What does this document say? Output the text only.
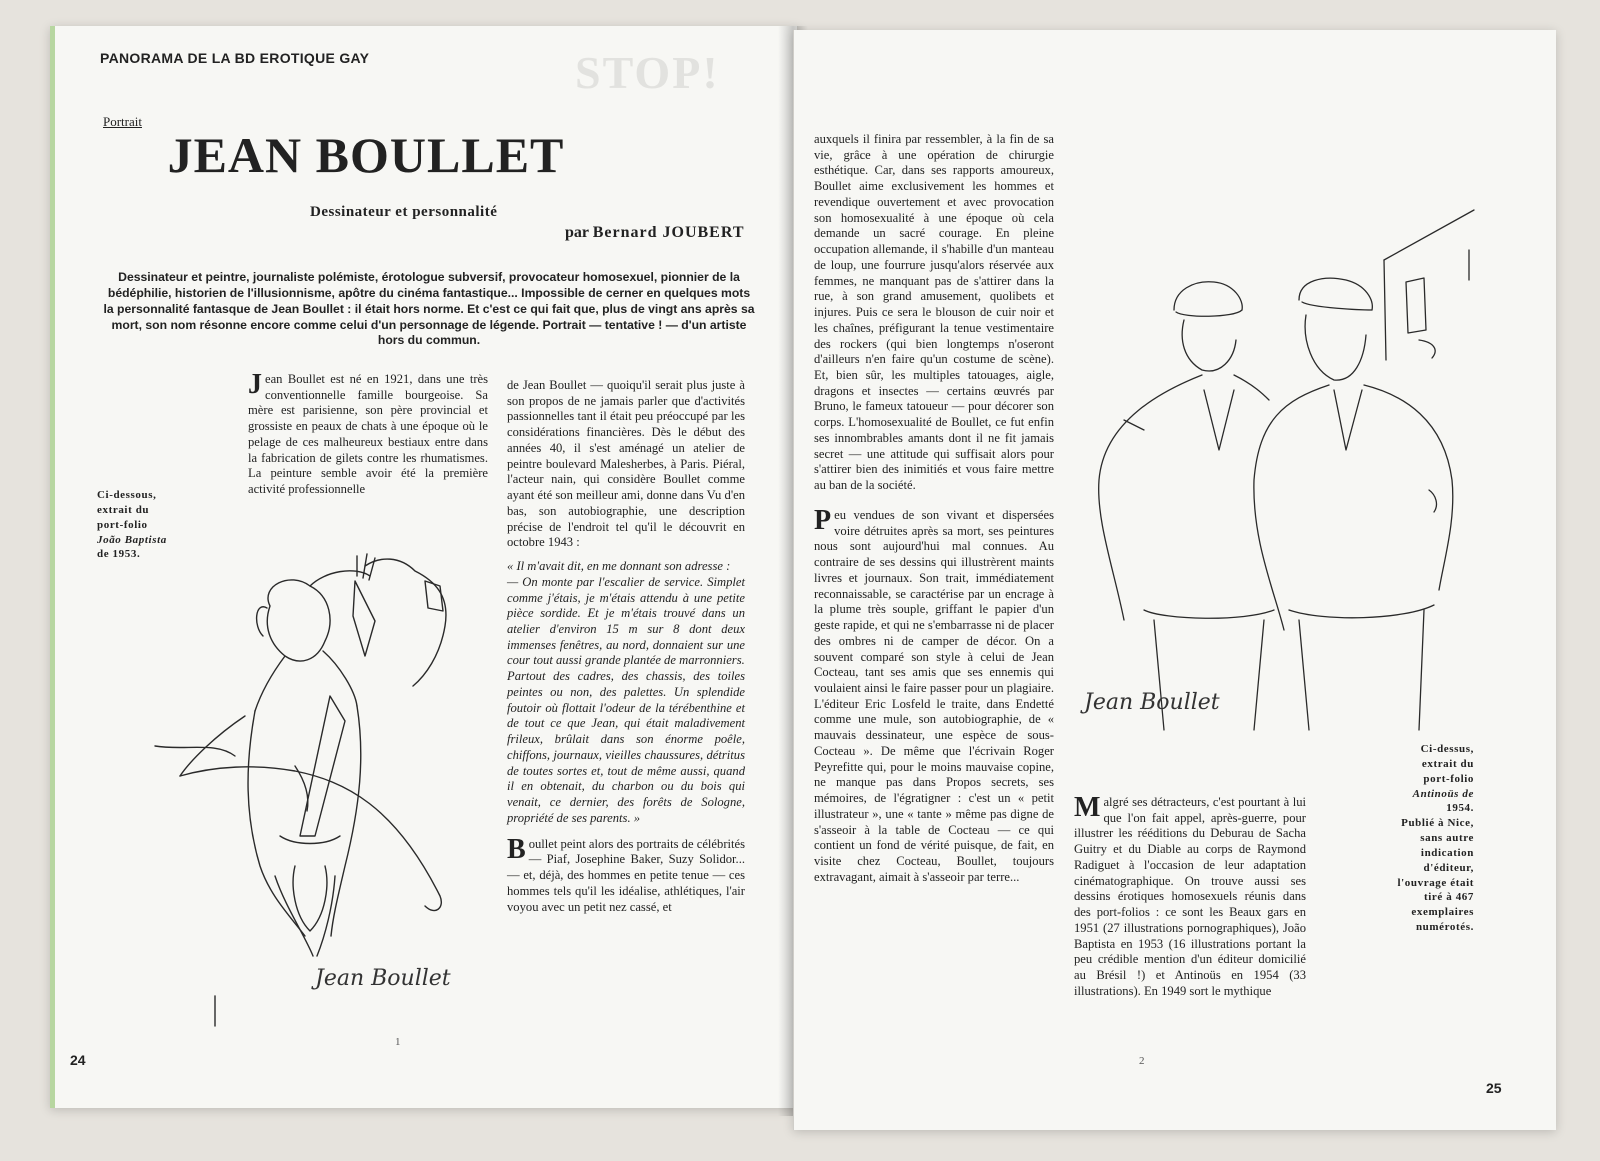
STOP!
PANORAMA DE LA BD EROTIQUE GAY
Portrait
JEAN BOULLET
Dessinateur et personnalité
par Bernard JOUBERT
Dessinateur et peintre, journaliste polémiste, érotologue subversif, provocateur homosexuel, pionnier de la bédéphilie, historien de l'illusionnisme, apôtre du cinéma fantastique... Impossible de cerner en quelques mots la personnalité fantasque de Jean Boullet : il était hors norme. Et c'est ce qui fait que, plus de vingt ans après sa mort, son nom résonne encore comme celui d'un personnage de légende. Portrait — tentative ! — d'un artiste hors du commun.
Ci-dessous,
extrait du
port-folio
João Baptista
de 1953.

Jean Boullet est né en 1921, dans une très conventionnelle famille bourgeoise. Sa mère est parisienne, son père provincial et grossiste en peaux de chats à une époque où le pelage de ces malheureux bestiaux entre dans la fabrication de gilets contre les rhumatismes. La peinture semble avoir été la première activité professionnelle

de Jean Boullet — quoiqu'il serait plus juste à son propos de ne jamais parler que d'activités passionnelles tant il était peu préoccupé par les considérations financières. Dès le début des années 40, il s'est aménagé un atelier de peintre boulevard Malesherbes, à Paris. Piéral, l'acteur nain, qui considère Boullet comme ayant été son meilleur ami, donne dans Vu d'en bas, son autobiographie, une description précise de l'endroit tel qu'il le découvrit en octobre 1943 :

« Il m'avait dit, en me donnant son adresse :

— On monte par l'escalier de service. Simplet comme j'étais, je m'étais attendu à une petite pièce sordide. Et je m'étais trouvé dans un atelier d'environ 15 m sur 8 dont deux immenses fenêtres, au nord, donnaient sur une cour tout aussi grande plantée de marronniers.

Partout des cadres, des chassis, des toiles peintes ou non, des palettes. Un splendide foutoir où flottait l'odeur de la térébenthine et de tout ce que Jean, qui était maladivement frileux, brûlait dans son énorme poêle, chiffons, journaux, vieilles chaussures, détritus de toutes sortes et, tout de même aussi, quand il en obtenait, du charbon ou du bois qui venait, ce dernier, des forêts de Sologne, propriété de ses parents. »

Boullet peint alors des portraits de célébrités — Piaf, Josephine Baker, Suzy Solidor... — et, déjà, des hommes en petite tenue — ces hommes tels qu'il les idéalise, athlétiques, l'air voyou avec un petit nez cassé, et

Jean Boullet
1
24

auxquels il finira par ressembler, à la fin de sa vie, grâce à une opération de chirurgie esthétique. Car, dans ses rapports amoureux, Boullet aime exclusivement les hommes et revendique ouvertement et avec provocation son homosexualité à une époque où cela demande un sacré courage. En pleine occupation allemande, il s'habille d'un manteau de loup, une fourrure jusqu'alors réservée aux femmes, ne manquant pas de s'attirer dans la rue, à son grand amusement, quolibets et injures. Puis ce sera le blouson de cuir noir et les chaînes, préfigurant la tenue vestimentaire des rockers (qui bien longtemps n'oseront d'ailleurs n'en faire qu'un costume de scène). Et, bien sûr, les multiples tatouages, aigle, dragons et insectes — certains œuvrés par Bruno, le fameux tatoueur — pour décorer son corps. L'homosexualité de Boullet, ce fut enfin ses innombrables amants dont il ne fit jamais secret — une attitude qui suffisait alors pour s'attirer bien des inimitiés et vous faire mettre au ban de la société.

Peu vendues de son vivant et dispersées voire détruites après sa mort, ses peintures nous sont aujourd'hui mal connues. Au contraire de ses dessins qui illustrèrent maints livres et journaux. Son trait, immédiatement reconnaissable, se caractérise par un encrage à la plume très souple, griffant le papier d'un geste rapide, et qui ne s'embarrasse ni de placer des ombres ni de camper de décor. On a souvent comparé son style à celui de Jean Cocteau, tant ses amis que ses ennemis qui voulaient ainsi le faire passer pour un plagiaire. L'éditeur Eric Losfeld le traite, dans Endetté comme une mule, son autobiographie, de « mauvais dessinateur, une espèce de sous-Cocteau ». De même que l'écrivain Roger Peyrefitte qui, pour le moins mauvaise copine, ne manque pas dans Propos secrets, ses mémoires, de l'égratigner : c'est un « petit illustrateur », une « tante » même pas digne de s'asseoir à la table de Cocteau — ce qui contient un fond de vérité puisque, de fait, en visite chez Cocteau, Boullet, toujours extravagant, aimait à s'asseoir par terre...

Jean Boullet
Ci-dessus,
extrait du
port-folio
Antinoüs de
1954.
Publié à Nice,
sans autre
indication
d'éditeur,
l'ouvrage était
tiré à 467
exemplaires
numérotés.

Malgré ses détracteurs, c'est pourtant à lui que l'on fait appel, après-guerre, pour illustrer les rééditions du Deburau de Sacha Guitry et du Diable au corps de Raymond Radiguet à l'occasion de leur adaptation cinématographique. On trouve aussi ses dessins érotiques homosexuels réunis dans des port-folios : ce sont les Beaux gars en 1951 (27 illustrations pornographiques), João Baptista en 1953 (16 illustrations portant la peu crédible mention d'un éditeur domicilié au Brésil !) et Antinoüs en 1954 (33 illustrations). En 1949 sort le mythique

2
25
